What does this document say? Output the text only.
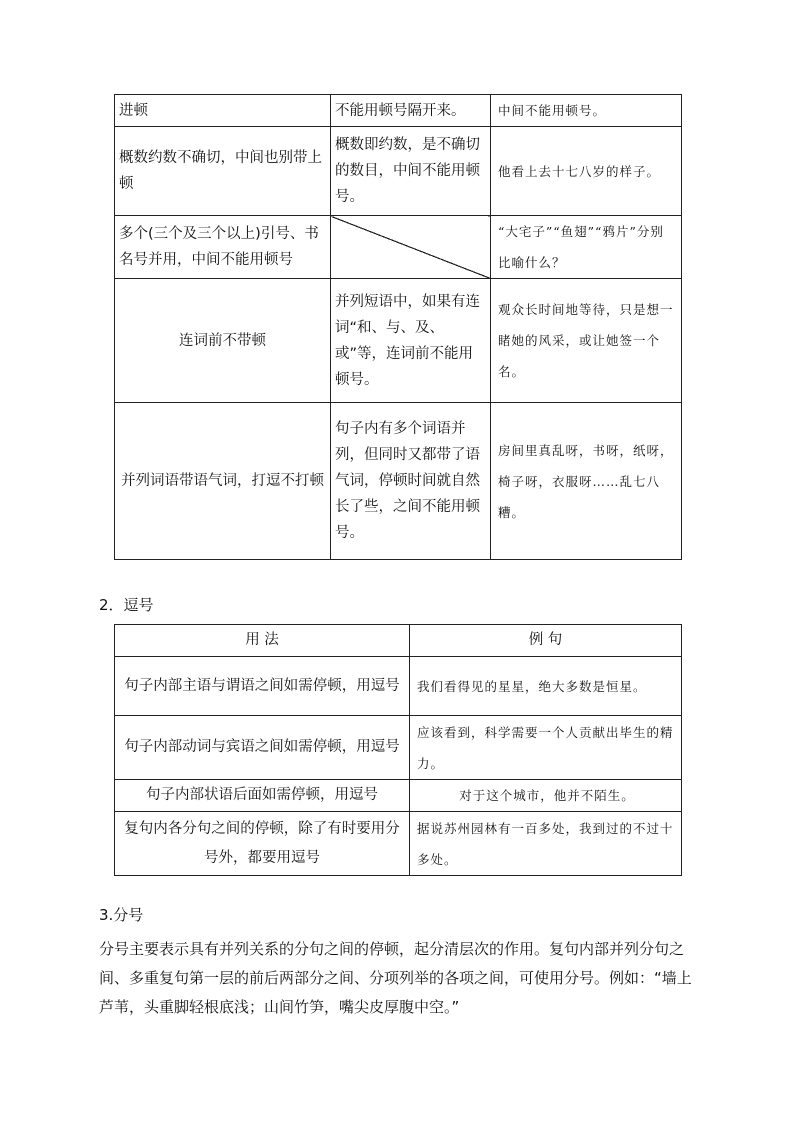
进顿	不能用顿号隔开来。	中间不能用顿号。
概数约数不确切，中间也别带上顿	概数即约数，是不确切的数目，中间不能用顿号。	他看上去十七八岁的样子。
多个(三个及三个以上)引号、书名号并用，中间不能用顿号		“大宅子”“鱼翅”“鸦片”分别比喻什么？
连词前不带顿	并列短语中，如果有连词“和、与、及、或”等，连词前不能用顿号。	观众长时间地等待，只是想一睹她的风采，或让她签一个名。
并列词语带语气词，打逗不打顿	句子内有多个词语并列，但同时又都带了语气词，停顿时间就自然长了些，之间不能用顿号。	房间里真乱呀，书呀，纸呀，椅子呀，衣服呀……乱七八糟。
2．逗号
用 法	例 句
句子内部主语与谓语之间如需停顿，用逗号	我们看得见的星星，绝大多数是恒星。
句子内部动词与宾语之间如需停顿，用逗号	应该看到，科学需要一个人贡献出毕生的精力。
句子内部状语后面如需停顿，用逗号	对于这个城市，他并不陌生。
复句内各分句之间的停顿，除了有时要用分号外，都要用逗号	据说苏州园林有一百多处，我到过的不过十多处。
3.分号

分号主要表示具有并列关系的分句之间的停顿，起分清层次的作用。复句内部并列分句之间、多重复句第一层的前后两部分之间、分项列举的各项之间，可使用分号。例如：“墙上芦苇，头重脚轻根底浅；山间竹笋，嘴尖皮厚腹中空。”
